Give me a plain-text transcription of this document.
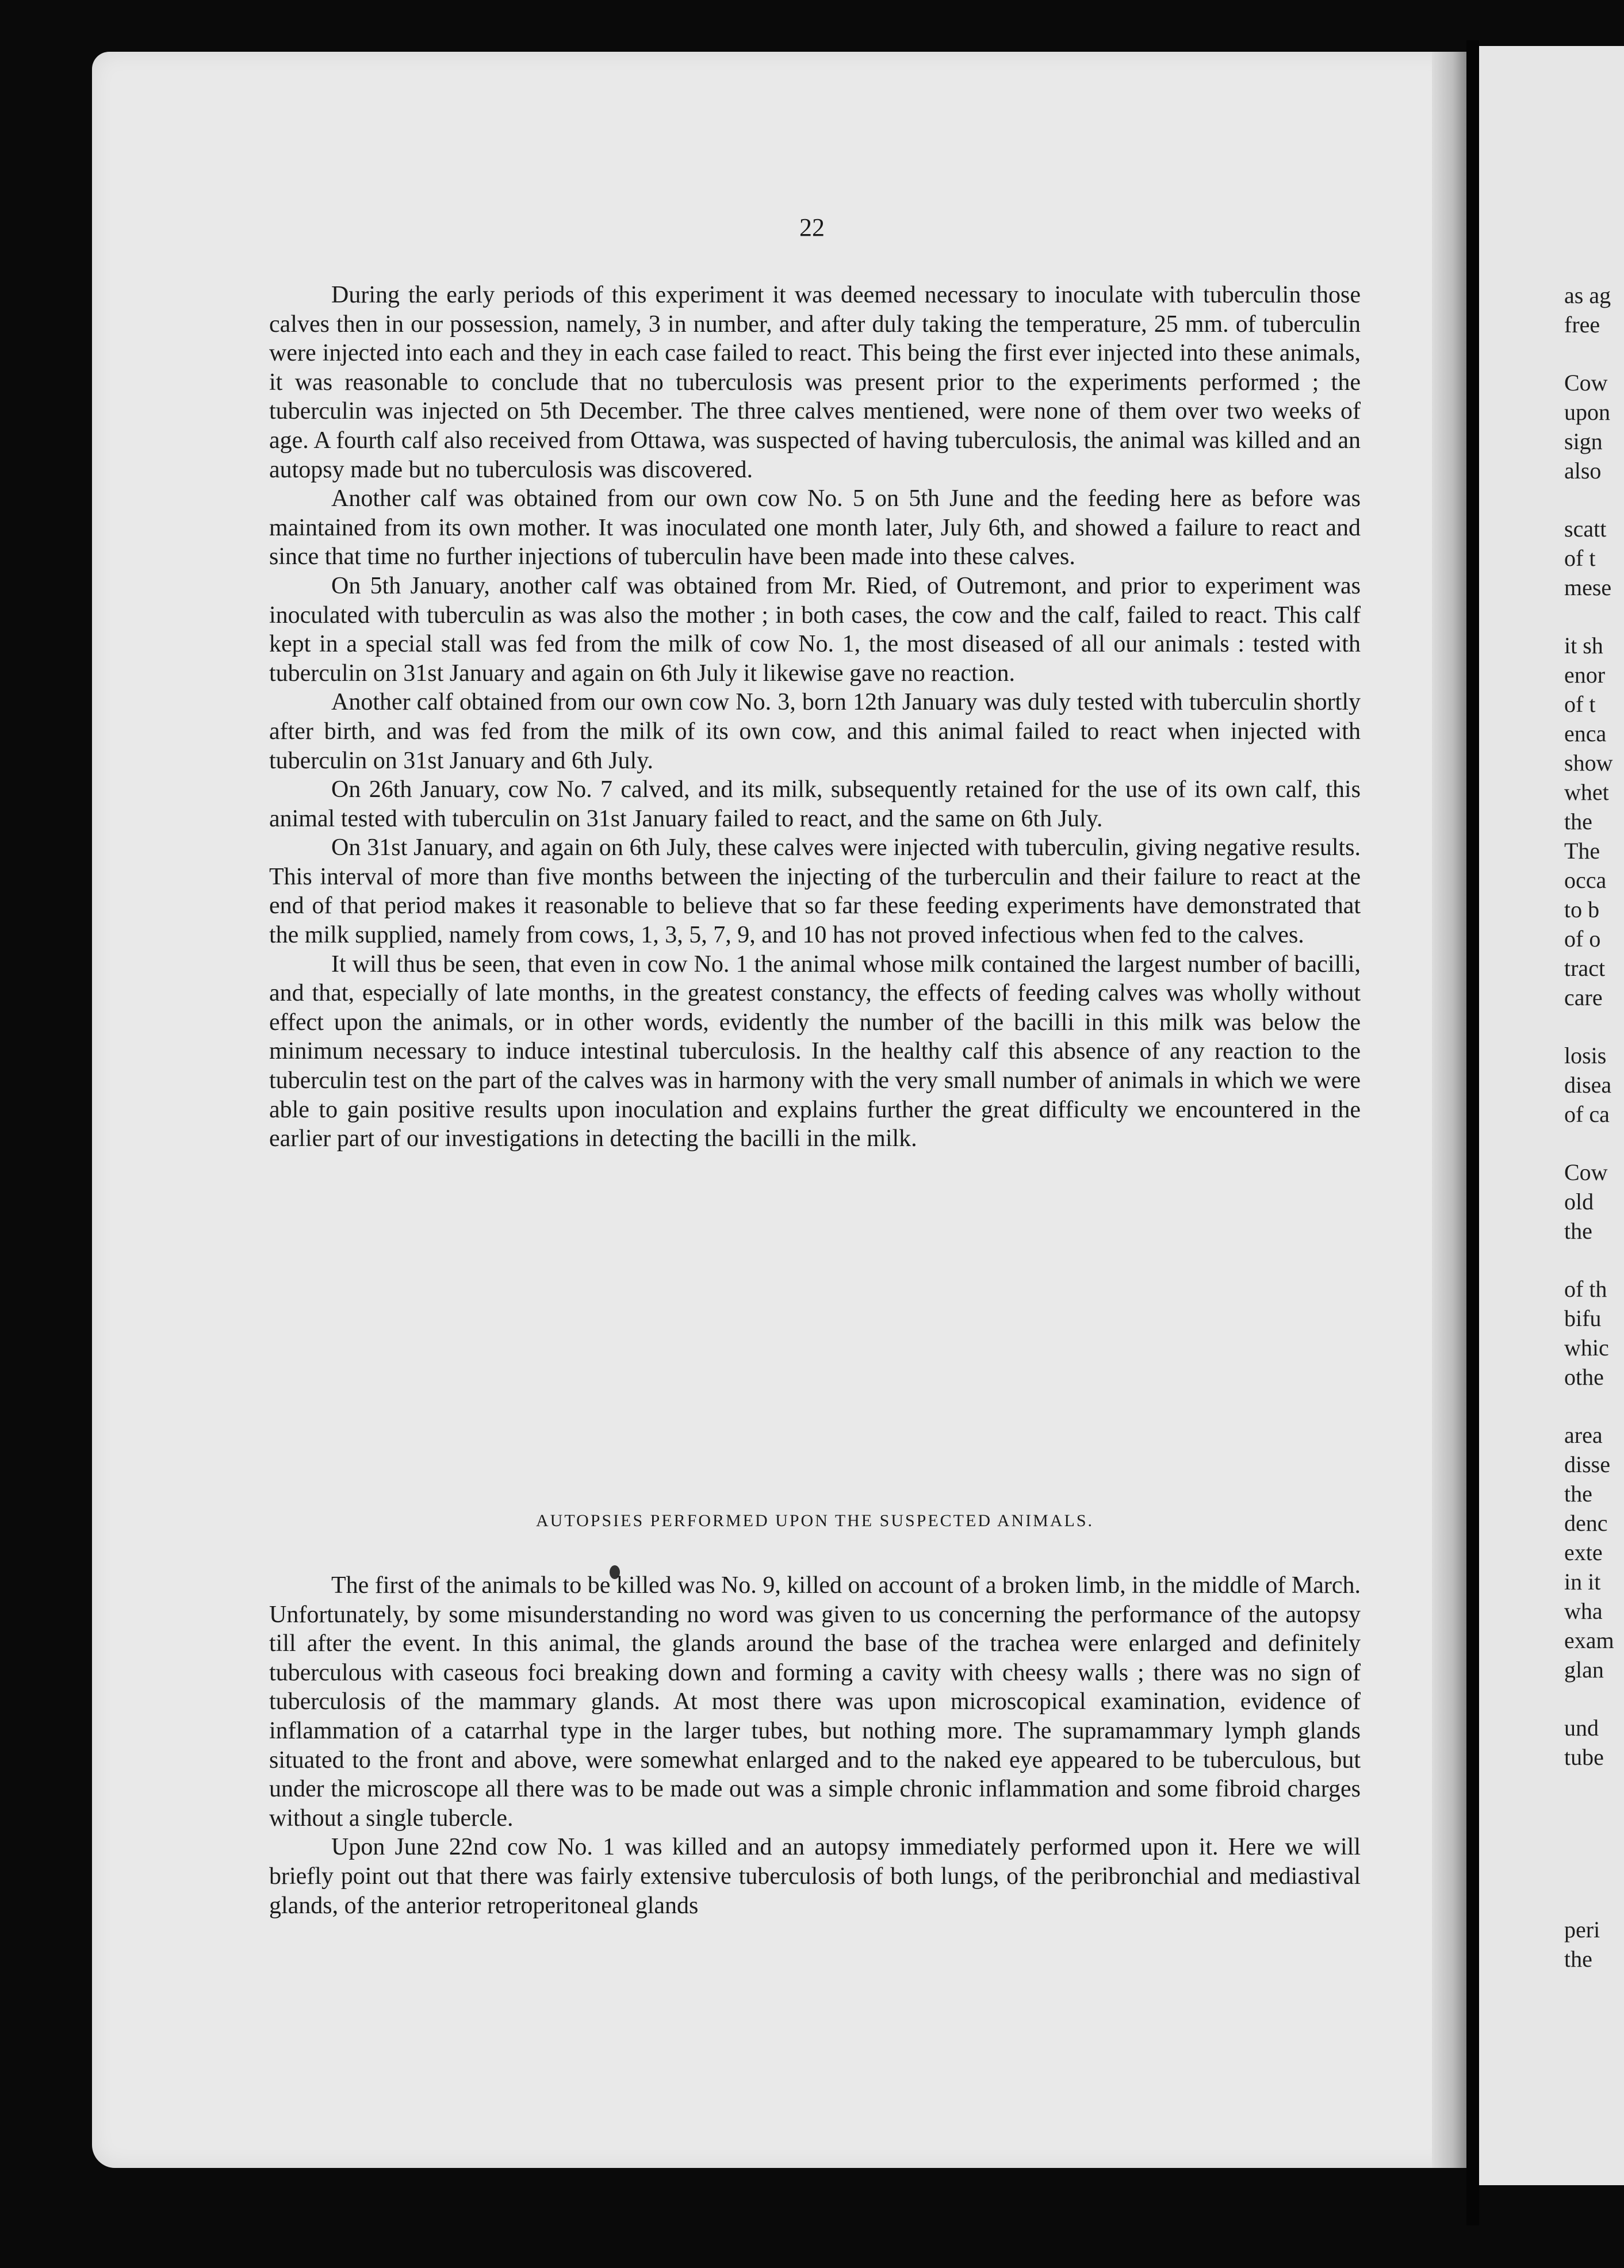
22

During the early periods of this experiment it was deemed necessary to inoculate with tuberculin those calves then in our possession, namely, 3 in number, and after duly taking the temperature, 25 mm. of tuberculin were injected into each and they in each case failed to react. This being the first ever injected into these animals, it was reasonable to conclude that no tuberculosis was present prior to the experiments performed ; the tuberculin was injected on 5th December. The three calves mentiened, were none of them over two weeks of age. A fourth calf also received from Ottawa, was suspected of having tuberculosis, the animal was killed and an autopsy made but no tuberculosis was discovered.

Another calf was obtained from our own cow No. 5 on 5th June and the feeding here as before was maintained from its own mother. It was inoculated one month later, July 6th, and showed a failure to react and since that time no further injections of tuberculin have been made into these calves.

On 5th January, another calf was obtained from Mr. Ried, of Outremont, and prior to experiment was inoculated with tuberculin as was also the mother ; in both cases, the cow and the calf, failed to react. This calf kept in a special stall was fed from the milk of cow No. 1, the most diseased of all our animals : tested with tuberculin on 31st January and again on 6th July it likewise gave no reaction.

Another calf obtained from our own cow No. 3, born 12th January was duly tested with tuberculin shortly after birth, and was fed from the milk of its own cow, and this animal failed to react when injected with tuberculin on 31st January and 6th July.

On 26th January, cow No. 7 calved, and its milk, subsequently retained for the use of its own calf, this animal tested with tuberculin on 31st January failed to react, and the same on 6th July.

On 31st January, and again on 6th July, these calves were injected with tuberculin, giving negative results. This interval of more than five months between the injecting of the turberculin and their failure to react at the end of that period makes it reasonable to believe that so far these feeding experiments have demonstrated that the milk supplied, namely from cows, 1, 3, 5, 7, 9, and 10 has not proved infectious when fed to the calves.

It will thus be seen, that even in cow No. 1 the animal whose milk contained the largest number of bacilli, and that, especially of late months, in the greatest constancy, the effects of feeding calves was wholly without effect upon the animals, or in other words, evidently the number of the bacilli in this milk was below the minimum necessary to induce intestinal tuberculosis. In the healthy calf this absence of any reaction to the tuberculin test on the part of the calves was in harmony with the very small number of animals in which we were able to gain positive results upon inoculation and explains further the great difficulty we encountered in the earlier part of our investigations in detecting the bacilli in the milk.

AUTOPSIES PERFORMED UPON THE SUSPECTED ANIMALS.

The first of the animals to be killed was No. 9, killed on account of a broken limb, in the middle of March. Unfortunately, by some misunderstanding no word was given to us concerning the performance of the autopsy till after the event. In this animal, the glands around the base of the trachea were enlarged and definitely tuberculous with caseous foci breaking down and forming a cavity with cheesy walls ; there was no sign of tuberculosis of the mammary glands. At most there was upon microscopical examination, evidence of inflammation of a catarrhal type in the larger tubes, but nothing more. The supramammary lymph glands situated to the front and above, were somewhat enlarged and to the naked eye appeared to be tuberculous, but under the microscope all there was to be made out was a simple chronic inflammation and some fibroid charges without a single tubercle.

Upon June 22nd cow No. 1 was killed and an autopsy immediately performed upon it. Here we will briefly point out that there was fairly extensive tuberculosis of both lungs, of the peribronchial and mediastival glands, of the anterior retroperitoneal glands

as ag
free
Cow
upon
sign
also
scatt
of t
mese
it sh
enor
of t
enca
show
whet
the
The
occa
to b
of o
tract
care
losis
disea
of ca
Cow
old
the
of th
bifu
whic
othe
area
disse
the
denc
exte
in it
wha
exam
glan
und
tube
peri
the
